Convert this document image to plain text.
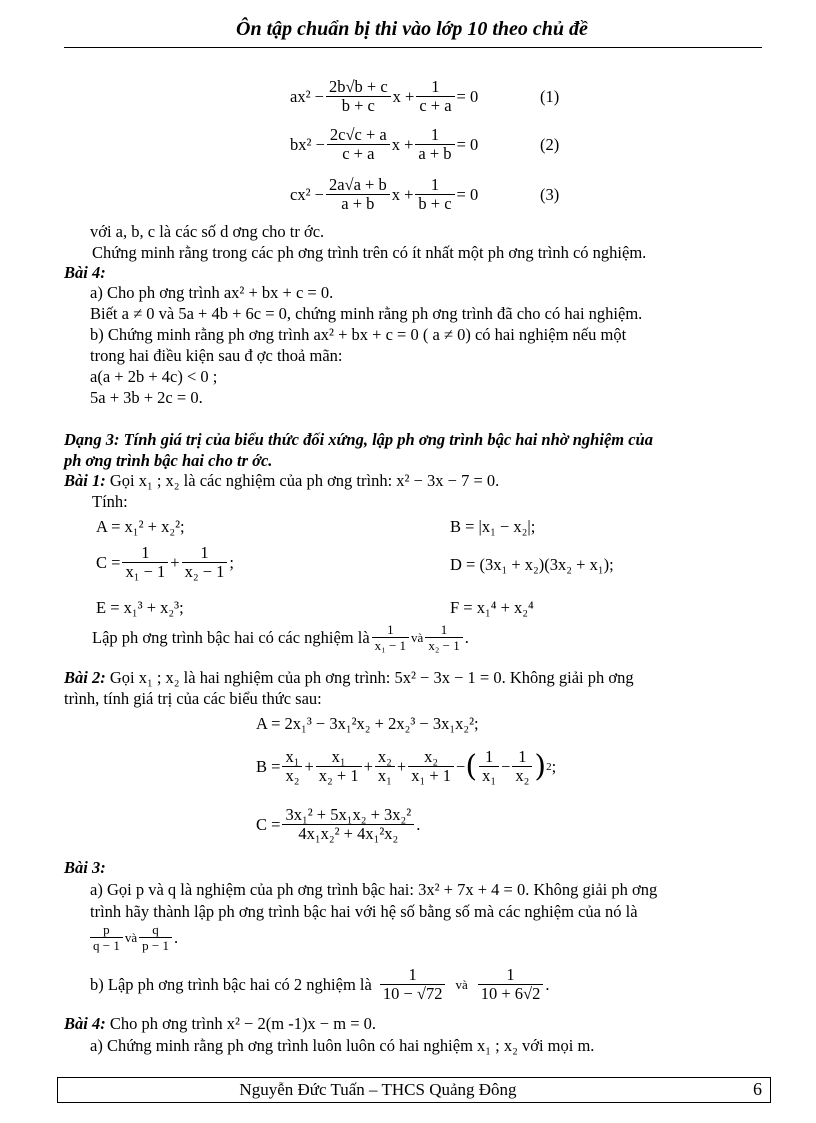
Ôn tập chuẩn bị thi vào lớp 10 theo chủ đề
$ax^2 - \frac{2b√b + c}{b + c}$ $x + \frac{1}{c + a} = 0$	(1)
$bx^2 - \frac{2c√c + a}{c + a}$ $x + \frac{1}{a + b} = 0$	(2)
$cx^2 - \frac{2a√a + b}{a + b}$ $x + \frac{1}{b + c} = 0$	(3)
với a, b, c là các số d ơng cho tr ớc.
Chứng minh rằng trong các ph ơng trình trên có ít nhất một ph ơng trình có nghiệm.
Bài 4:
a) Cho ph ơng trình ax² + bx + c = 0.
Biết a ≠ 0 và 5a + 4b + 6c = 0, chứng minh rằng ph ơng trình đã cho có hai nghiệm.
b) Chứng minh rằng ph ơng trình ax² + bx + c = 0 ( a ≠ 0) có hai nghiệm nếu một
trong hai điều kiện sau đ ợc thoả mãn:
a(a + 2b + 4c) < 0 ;
5a + 3b + 2c = 0.
Dạng 3: Tính giá trị của biểu thức đối xứng, lập ph ơng trình bậc hai nhờ nghiệm của
ph ơng trình bậc hai cho tr ớc.
Bài 1: Gọi x₁ ; x₂ là các nghiệm của ph ơng trình: x² − 3x − 7 = 0.
Tính:
A = x₁² + x₂²;	B = |x₁ − x₂|;
$C = \frac{1}{\text{x₁ − 1}} + \frac{1}{\text{x₂ − 1}}$ ;	D = (3x₁ + x₂)(3x₂ + x₁);
E = x₁³ + x₂³;	F = x₁⁴ + x₂⁴
Lập ph ơng trình bậc hai có các nghiệm là $\frac{1}{\text{x₁ − 1}}$ và $\frac{1}{\text{x₂ − 1}}$ .
Bài 2: Gọi x₁ ; x₂ là hai nghiệm của ph ơng trình: 5x² − 3x − 1 = 0. Không giải ph ơng
trình, tính giá trị của các biểu thức sau:
A = 2x₁³ − 3x₁²x₂ + 2x₂³ − 3x₁x₂²;
$B = \frac{\text{x₁}}{\text{x₂}} + \frac{\text{x₁}}{\text{x₂ + 1}} + \frac{\text{x₂}}{\text{x₁}} + \frac{\text{x₂}}{\text{x₁ + 1}}$ − ( $\frac{1}{\text{x₁}} - \frac{1}{\text{x₂}}$ ) 2 ;
$C = \frac{\text{3x₁² + 5x₁x₂ + 3x₂²}}{\text{4x₁x₂² + 4x₁²x₂}}$ .
Bài 3:
a) Gọi p và q là nghiệm của ph ơng trình bậc hai: 3x² + 7x + 4 = 0. Không giải ph ơng
trình hãy thành lập ph ơng trình bậc hai với hệ số bằng số mà các nghiệm của nó là
$\frac{p}{q - 1}$ và $\frac{q}{p - 1}$ .
b) Lập ph ơng trình bậc hai có 2 nghiệm là $\frac{1}{10 - √72}$ và $\frac{1}{10 + 6√2}$ .
Bài 4: Cho ph ơng trình x² − 2(m -1)x − m = 0.
a) Chứng minh rằng ph ơng trình luôn luôn có hai nghiệm x₁ ; x₂ với mọi m.
Nguyễn Đức Tuấn – THCS Quảng Đông	6
